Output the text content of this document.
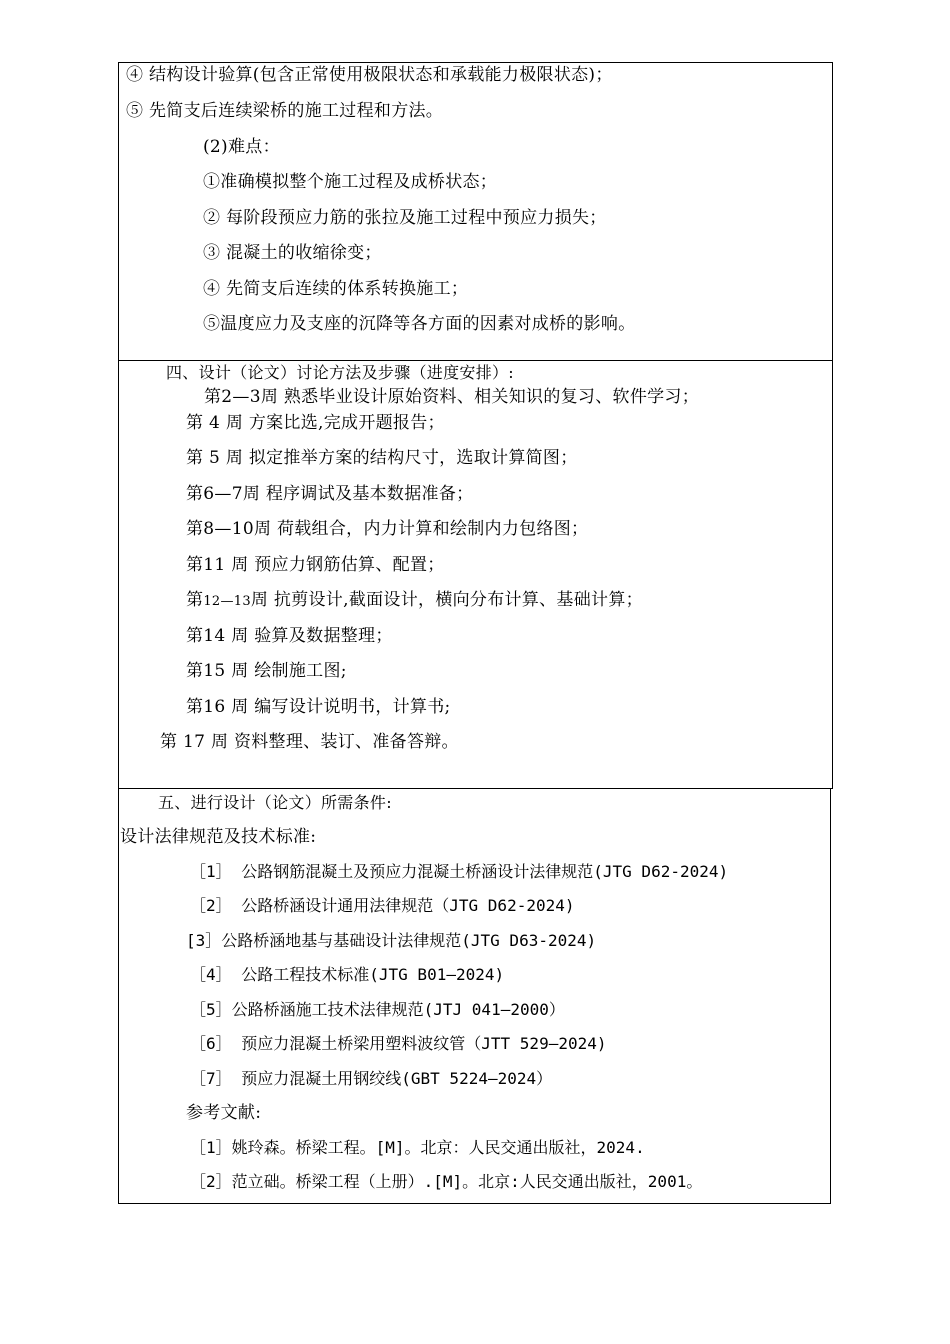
④ 结构设计验算(包含正常使用极限状态和承载能力极限状态)；
⑤ 先简支后连续梁桥的施工过程和方法。
(2)难点：
①准确模拟整个施工过程及成桥状态；
② 每阶段预应力筋的张拉及施工过程中预应力损失；
③ 混凝土的收缩徐变；
④ 先简支后连续的体系转换施工；
⑤温度应力及支座的沉降等各方面的因素对成桥的影响。
四、设计（论文）讨论方法及步骤（进度安排）:
第2—3周 熟悉毕业设计原始资料、相关知识的复习、软件学习；
第 4 周 方案比选,完成开题报告；
第 5 周 拟定推举方案的结构尺寸，选取计算简图；
第6—7周 程序调试及基本数据准备；
第8—10周 荷载组合，内力计算和绘制内力包络图；
第11 周 预应力钢筋估算、配置；
第12—13周 抗剪设计,截面设计，横向分布计算、基础计算；
第14 周 验算及数据整理；
第15 周 绘制施工图;
第16 周 编写设计说明书，计算书;
第 17 周 资料整理、装订、准备答辩。
五、进行设计（论文）所需条件:
设计法律规范及技术标准:
［1］ 公路钢筋混凝土及预应力混凝土桥涵设计法律规范(JTG D62-2024)
［2］ 公路桥涵设计通用法律规范（JTG D62-2024)
[3］公路桥涵地基与基础设计法律规范(JTG D63-2024)
［4］ 公路工程技术标准(JTG B01—2024)
［5］公路桥涵施工技术法律规范(JTJ 041—2000）
［6］ 预应力混凝土桥梁用塑料波纹管（JTT 529—2024)
［7］ 预应力混凝土用钢绞线(GBT 5224—2024）
参考文献:
［1］姚玲森。桥梁工程。[M]。北京：人民交通出版社，2024.
［2］范立础。桥梁工程（上册）.[M]。北京:人民交通出版社，2001。
